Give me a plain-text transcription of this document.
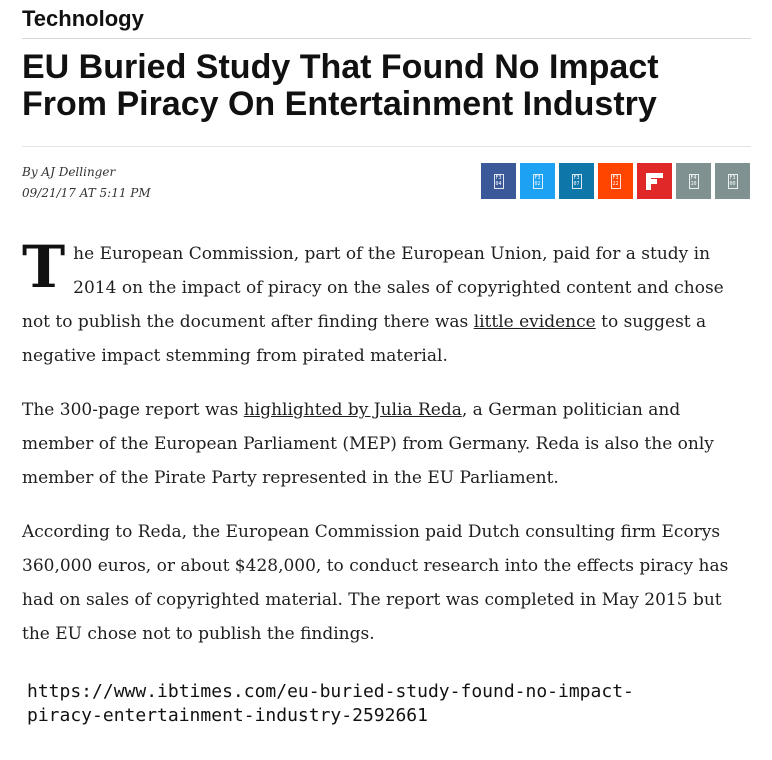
Technology
EU Buried Study That Found No Impact
From Piracy On Entertainment Industry
By AJ Dellinger
09/21/17 AT 5:11 PM
F3
04
F3
02
F3
07
F3
22
F4
10
F3
00

The European Commission, part of the European Union, paid for a study in 2014 on the impact of piracy on the sales of copyrighted content and chose not to publish the document after finding there was little evidence to suggest a negative impact stemming from pirated material.

The 300-page report was highlighted by Julia Reda, a German politician and member of the European Parliament (MEP) from Germany. Reda is also the only member of the Pirate Party represented in the EU Parliament.

According to Reda, the European Commission paid Dutch consulting firm Ecorys 360,000 euros, or about $428,000, to conduct research into the effects piracy has had on sales of copyrighted material. The report was completed in May 2015 but the EU chose not to publish the findings.

https://www.ibtimes.com/eu-buried-study-found-no-impact-
piracy-entertainment-industry-2592661
